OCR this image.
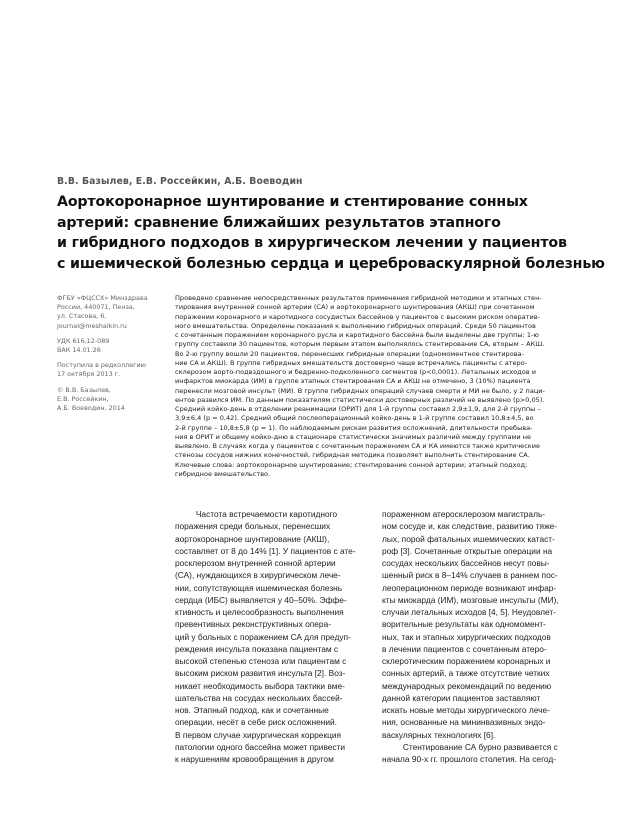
В.В. Базылев, Е.В. Россейкин, А.Б. Воеводин
Аортокоронарное шунтирование и стентирование сонных
артерий: сравнение ближайших результатов этапного
и гибридного подходов в хирургическом лечении у пациентов
с ишемической болезнью сердца и цереброваскулярной болезнью

ФГБУ «ФЦССХ» Минздрава
России, 440071, Пенза,
ул. Стасова, 6,
journal@meshalkin.ru

УДК 616.12-089
ВАК 14.01.26

Поступила в редколлегию
17 октября 2013 г.

© В.В. Базылев,
Е.В. Россейкин,
А.Б. Воеводин, 2014

Проведено сравнение непосредственных результатов применения гибридной методики и этапных стен-
тирования внутренней сонной артерии (СА) и аортокоронарного шунтирования (АКШ) при сочетанном
поражении коронарного и каротидного сосудистых бассейнов у пациентов с высоким риском оператив-
ного вмешательства. Определены показания к выполнению гибридных операций. Среди 50 пациентов
с сочетанным поражением коронарного русла и каротидного бассейна были выделены две группы: 1-ю
группу составили 30 пациентов, которым первым этапом выполнялось стентирование СА, вторым – АКШ.
Во 2-ю группу вошли 20 пациентов, перенесших гибридные операции (одномоментное стентирова-
ние СА и АКШ). В группе гибридных вмешательств достоверно чаще встречались пациенты с атеро-
склерозом аорто-подвздошного и бедренно-подколенного сегментов (p<0,0001). Летальных исходов и
инфарктов миокарда (ИМ) в группе этапных стентирования СА и АКШ не отмечено, 3 (10%) пациента
перенесли мозговой инсульт (МИ). В группе гибридных операций случаев смерти и МИ не было, у 2 паци-
ентов развился ИМ. По данным показателям статистически достоверных различий не выявлено (p>0,05).
Средний койко-день в отделении реанимации (ОРИТ) для 1-й группы составил 2,9±1,9, для 2-й группы –
3,9±6,4 (p = 0,42). Средний общий послеоперационный койко-день в 1-й группе составил 10,8±4,5, во
2-й группе – 10,8±5,8 (p = 1). По наблюдаемым рискам развития осложнений, длительности пребыва-
ния в ОРИТ и общему койко-дню в стационаре статистически значимых различий между группами не
выявлено. В случаях когда у пациентов с сочетанным поражением СА и КА имеются также критические
стенозы сосудов нижних конечностей, гибридная методика позволяет выполнить стентирование СА.
Ключевые слова: аортокоронарное шунтирование; стентирование сонной артерии; этапный подход;
гибридное вмешательство.
Частота встречаемости каротидного
поражения среди больных, перенесших
аортокоронарное шунтирование (АКШ),
составляет от 8 до 14% [1]. У пациентов с ате-
росклерозом внутренней сонной артерии
(СА), нуждающихся в хирургическом лече-
нии, сопутствующая ишемическая болезнь
сердца (ИБС) выявляется у 40–50%. Эффе-
ктивность и целесообразность выполнения
превентивных реконструктивных опера-
ций у больных с поражением СА для предуп-
реждения инсульта показана пациентам с
высокой степенью стеноза или пациентам с
высоким риском развития инсульта [2]. Воз-
никает необходимость выбора тактики вме-
шательства на сосудах нескольких бассей-
нов. Этапный подход, как и сочетанные
операции, несёт в себе риск осложнений.
В первом случае хирургическая коррекция
патологии одного бассейна может привести
к нарушениям кровообращения в другом
пораженном атеросклерозом магистраль-
ном сосуде и, как следствие, развитию тяже-
лых, порой фатальных ишемических катаст-
роф [3]. Сочетанные открытые операции на
сосудах нескольких бассейнов несут повы-
шенный риск в 8–14% случаев в раннем пос-
леоперационном периоде возникают инфар-
кты миокарда (ИМ), мозговые инсульты (МИ),
случаи летальных исходов [4, 5]. Неудовлет-
ворительные результаты как одномомент-
ных, так и этапных хирургических подходов
в лечении пациентов с сочетанным атеро-
склеротическим поражением коронарных и
сонных артерий, а также отсутствие четких
международных рекомендаций по ведению
данной категории пациентов заставляют
искать новые методы хирургического лече-
ния, основанные на мининвазивных эндо-
васкулярных технологиях [6].
Стентирование СА бурно развивается с
начала 90-х гг. прошлого столетия. На сегод-
